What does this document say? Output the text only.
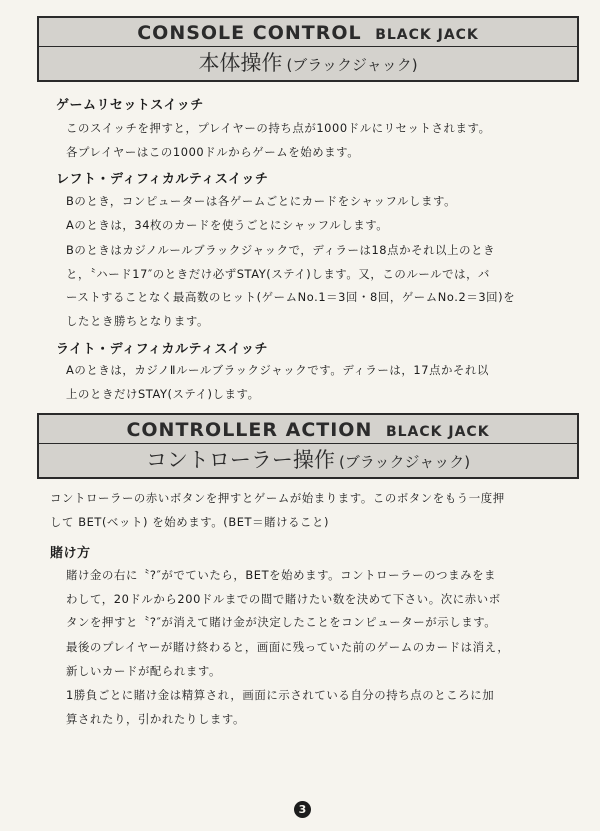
CONSOLE CONTROL BLACK JACK
本体操作 (ブラックジャック)
ゲームリセットスイッチ
このスイッチを押すと，プレイヤーの持ち点が1000ドルにリセットされます。
各プレイヤーはこの1000ドルからゲームを始めます。
レフト・ディフィカルティスイッチ
Bのとき，コンピューターは各ゲームごとにカードをシャッフルします。
Aのときは，34枚のカードを使うごとにシャッフルします。
Bのときはカジノルールブラックジャックで，ディラーは18点かそれ以上のとき
と，〝ハード17″のときだけ必ずSTAY(ステイ)します。又，このルールでは，バ
ーストすることなく最高数のヒット(ゲームNo.1＝3回・8回，ゲームNo.2＝3回)を
したとき勝ちとなります。
ライト・ディフィカルティスイッチ
Aのときは，カジノⅡルールブラックジャックです。ディラーは，17点かそれ以
上のときだけSTAY(ステイ)します。
CONTROLLER ACTION BLACK JACK
コントローラー操作 (ブラックジャック)
コントローラーの赤いボタンを押すとゲームが始まります。このボタンをもう一度押
して BET(ベット) を始めます。(BET＝賭けること)
賭け方
賭け金の右に〝?″がでていたら，BETを始めます。コントローラーのつまみをま
わして，20ドルから200ドルまでの間で賭けたい数を決めて下さい。次に赤いボ
タンを押すと〝?″が消えて賭け金が決定したことをコンピューターが示します。
最後のプレイヤーが賭け終わると，画面に残っていた前のゲームのカードは消え，
新しいカードが配られます。
1勝負ごとに賭け金は精算され，画面に示されている自分の持ち点のところに加
算されたり，引かれたりします。
3
